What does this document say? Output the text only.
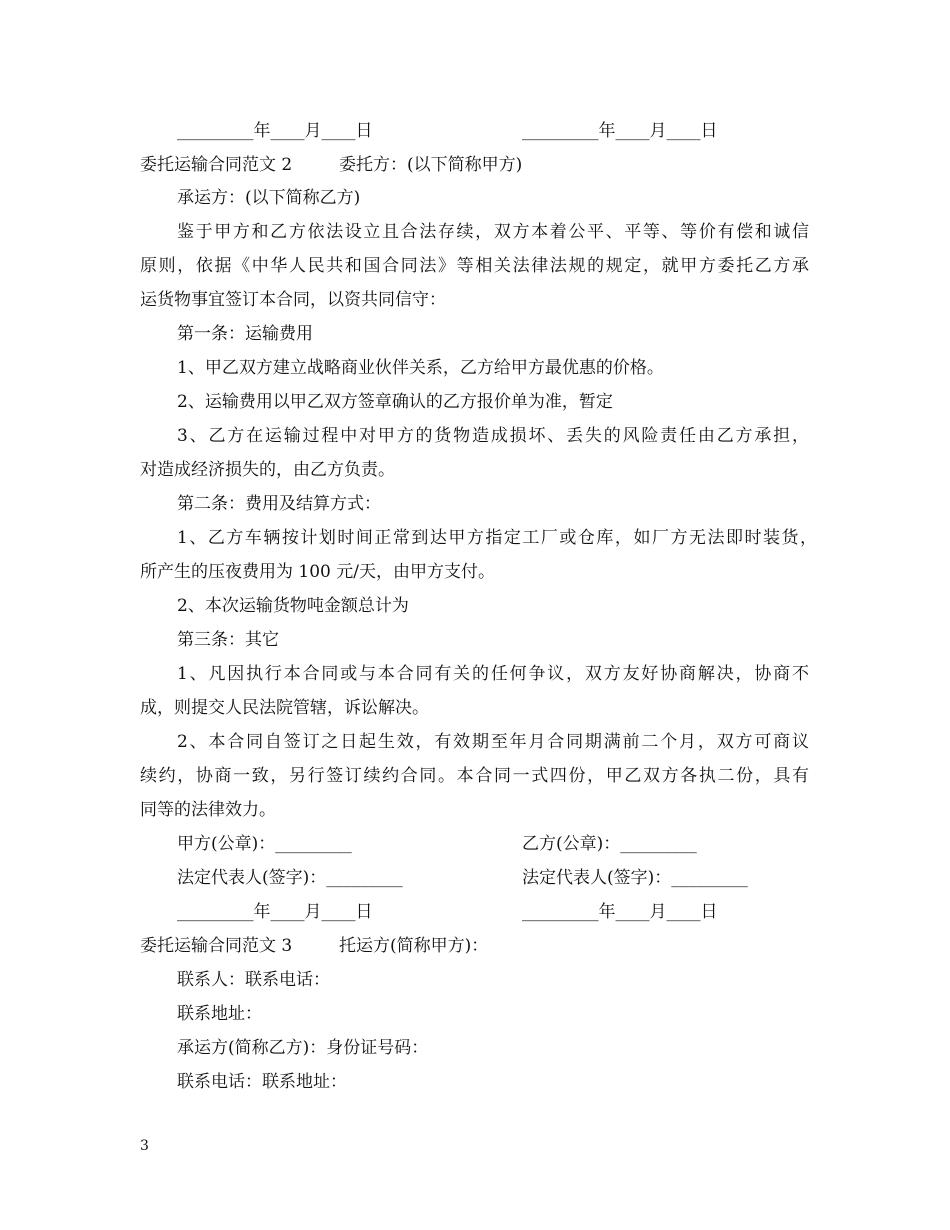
_________年____月____日	_________年____月____日
委托运输合同范文 2	委托方：(以下简称甲方)
承运方：(以下简称乙方)
鉴于甲方和乙方依法设立且合法存续，双方本着公平、平等、等价有偿和诚信
原则，依据《中华人民共和国合同法》等相关法律法规的规定，就甲方委托乙方承
运货物事宜签订本合同，以资共同信守：
第一条：运输费用
1、甲乙双方建立战略商业伙伴关系，乙方给甲方最优惠的价格。
2、运输费用以甲乙双方签章确认的乙方报价单为准，暂定
3、乙方在运输过程中对甲方的货物造成损坏、丢失的风险责任由乙方承担，
对造成经济损失的，由乙方负责。
第二条：费用及结算方式：
1、乙方车辆按计划时间正常到达甲方指定工厂或仓库，如厂方无法即时装货，
所产生的压夜费用为 100 元/天，由甲方支付。
2、本次运输货物吨金额总计为
第三条：其它
1、凡因执行本合同或与本合同有关的任何争议，双方友好协商解决，协商不
成，则提交人民法院管辖，诉讼解决。
2、本合同自签订之日起生效，有效期至年月合同期满前二个月，双方可商议
续约，协商一致，另行签订续约合同。本合同一式四份，甲乙双方各执二份，具有
同等的法律效力。
甲方(公章)：_________	乙方(公章)：_________
法定代表人(签字)：_________	法定代表人(签字)：_________
_________年____月____日	_________年____月____日
委托运输合同范文 3	托运方(简称甲方)：
联系人：联系电话：
联系地址：
承运方(简称乙方)：身份证号码：
联系电话：联系地址：
3
